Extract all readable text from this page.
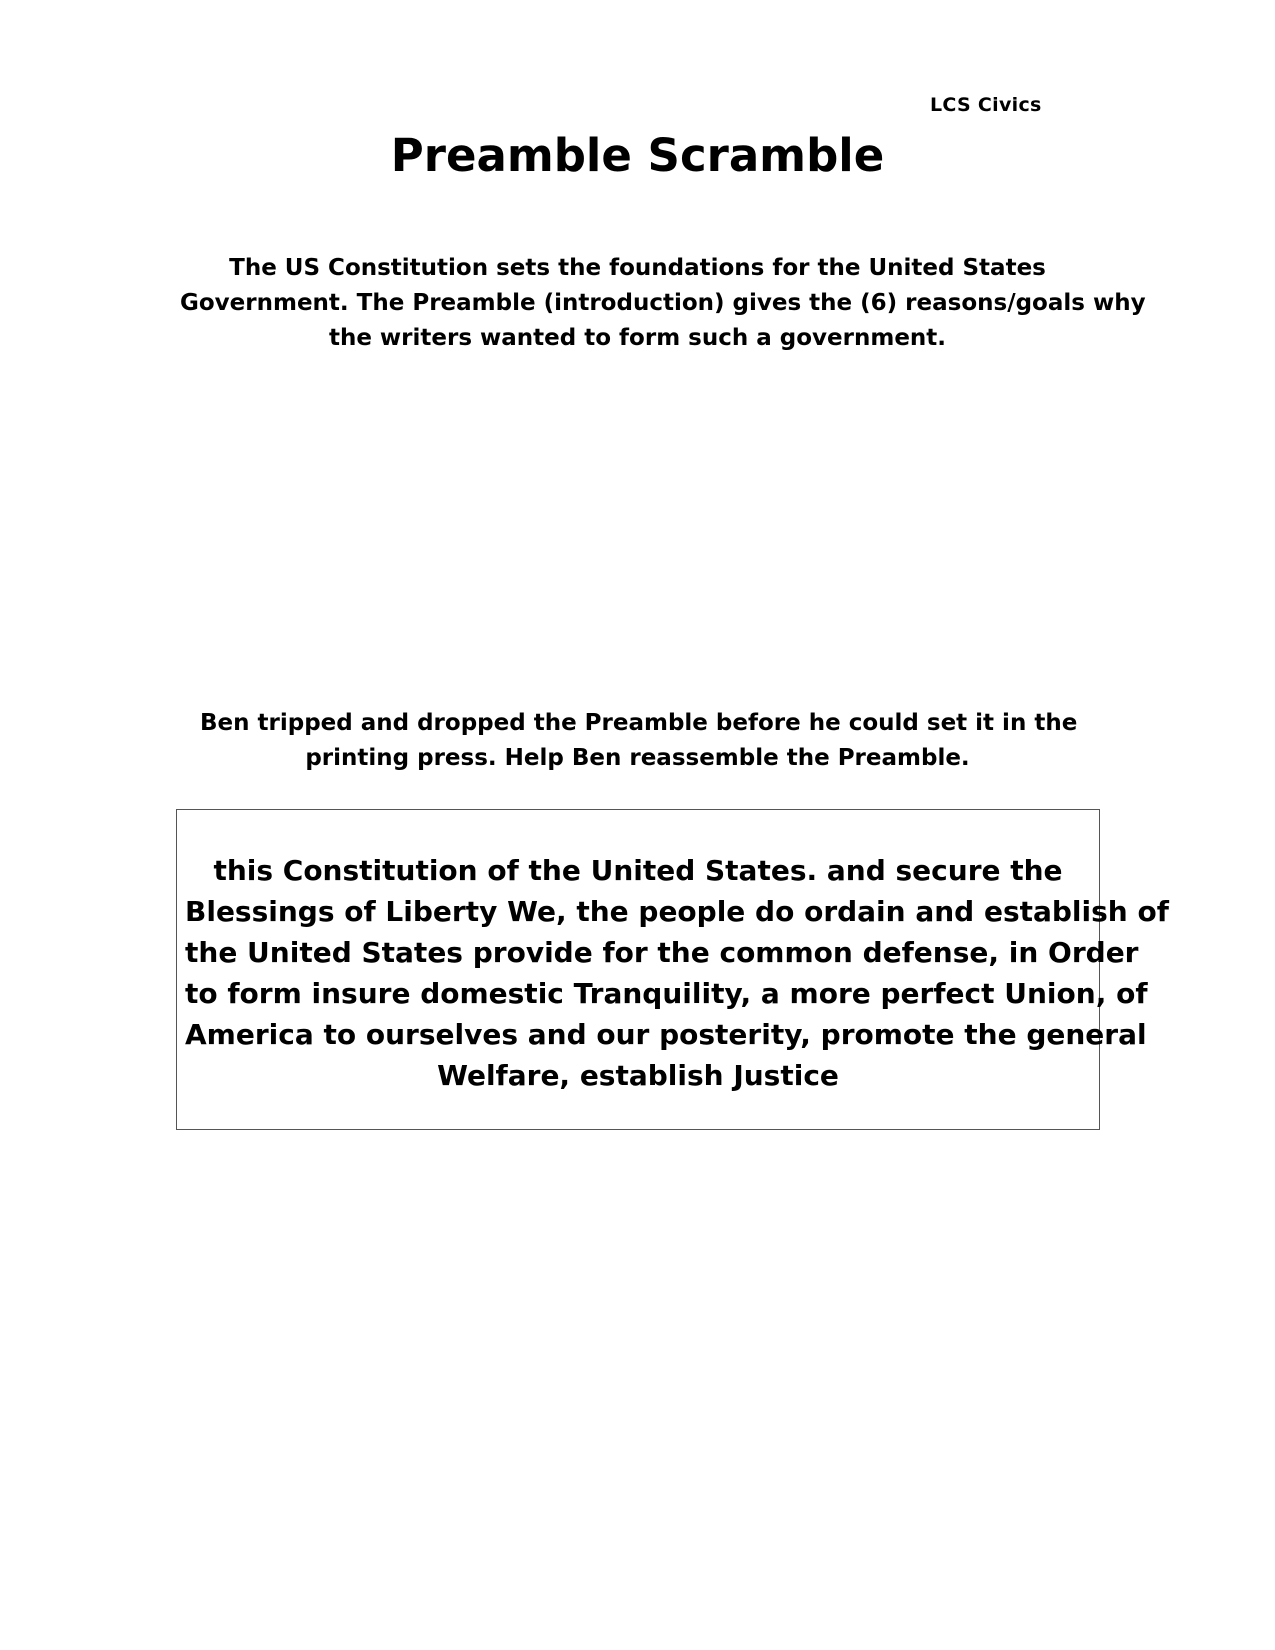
LCS Civics
Preamble Scramble

The US Constitution sets the foundations for the United States
Government. The Preamble (introduction) gives the (6) reasons/goals why
the writers wanted to form such a government.

Ben tripped and dropped the Preamble before he could set it in the
printing press. Help Ben reassemble the Preamble.

this Constitution of the United States. and secure the
Blessings of Liberty We, the people do ordain and establish of
the United States provide for the common defense, in Order
to form insure domestic Tranquility, a more perfect Union, of
America to ourselves and our posterity, promote the general
Welfare, establish Justice
